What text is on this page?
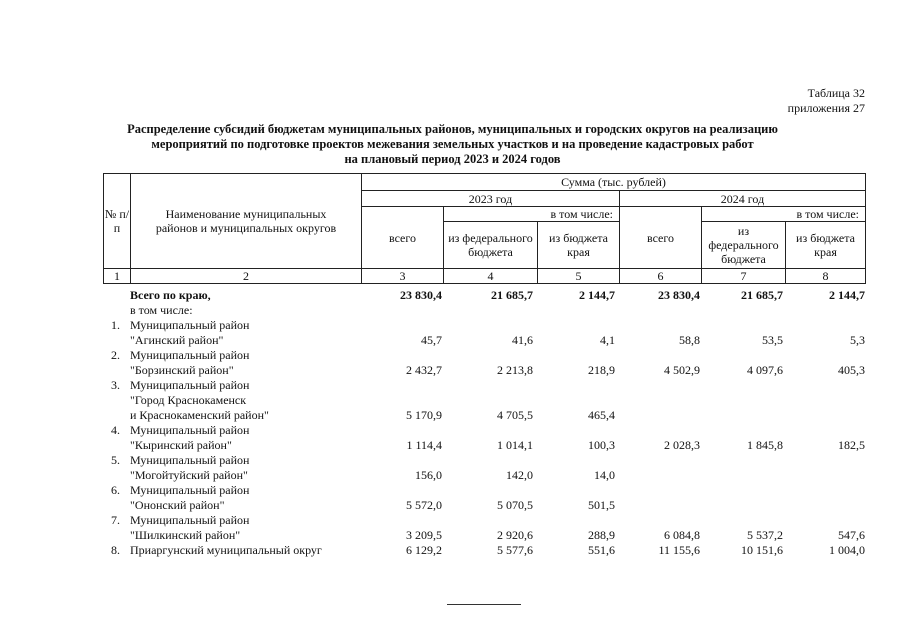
Таблица 32
приложения 27
Распределение субсидий бюджетам муниципальных районов, муниципальных и городских округов на реализацию
мероприятий по подготовке проектов межевания земельных участков и на проведение кадастровых работ
на плановый период 2023 и 2024 годов
№ п/п	Наименование муниципальных районов и муниципальных округов	Сумма (тыс. рублей)					
		2023 год			2024 год		
		всего	в том числе:		всего	в том числе:	
			из федерального бюджета	из бюджета края		из федерального бюджета	из бюджета края
1	2	3	4	5	6	7	8
Всего по краю,	23 830,4	21 685,7	2 144,7	23 830,4	21 685,7	2 144,7
в том числе:
1. Муниципальный район
"Агинский район"	45,7	41,6	4,1	58,8	53,5	5,3
2. Муниципальный район
"Борзинский район"	2 432,7	2 213,8	218,9	4 502,9	4 097,6	405,3
3. Муниципальный район
"Город Краснокаменск
и Краснокаменский район"	5 170,9	4 705,5	465,4
4. Муниципальный район
"Кыринский район"	1 114,4	1 014,1	100,3	2 028,3	1 845,8	182,5
5. Муниципальный район
"Могойтуйский район"	156,0	142,0	14,0
6. Муниципальный район
"Ононский район"	5 572,0	5 070,5	501,5
7. Муниципальный район
"Шилкинский район"	3 209,5	2 920,6	288,9	6 084,8	5 537,2	547,6
8. Приаргунский муниципальный округ	6 129,2	5 577,6	551,6	11 155,6	10 151,6	1 004,0
